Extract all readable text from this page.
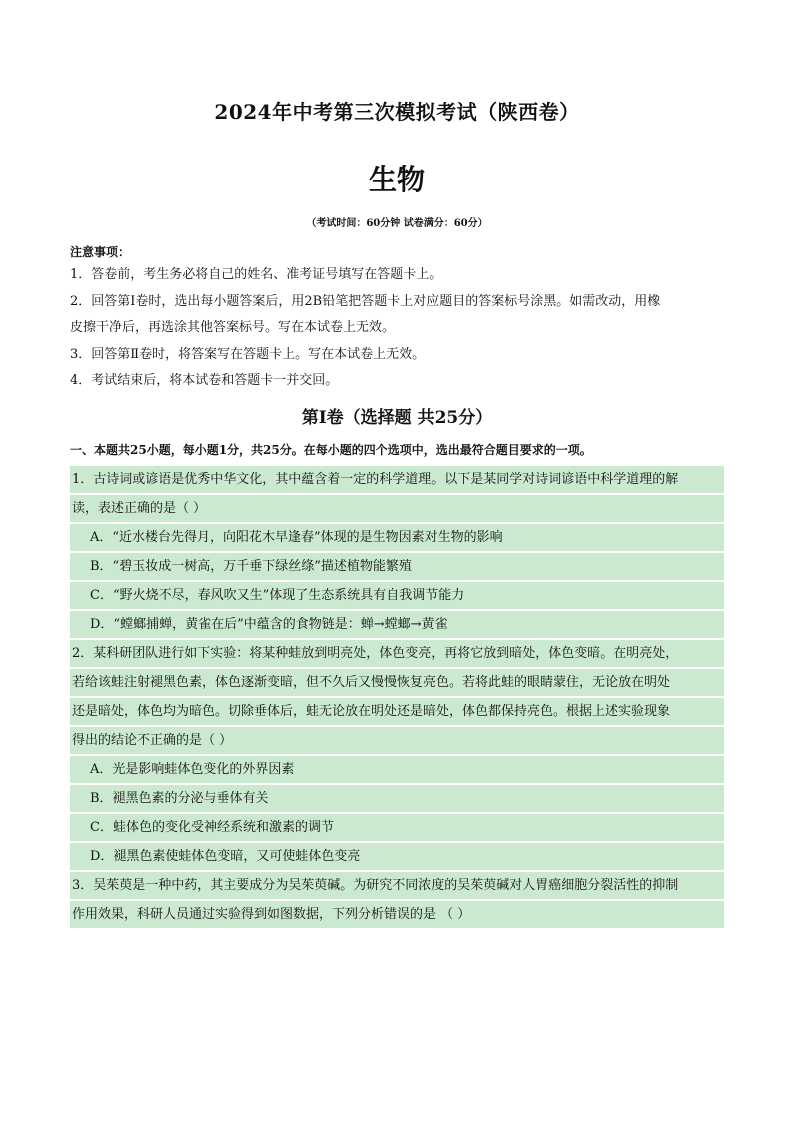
2024年中考第三次模拟考试（陕西卷）
生物
（考试时间：60分钟 试卷满分：60分）
注意事项：

1．答卷前，考生务必将自己的姓名、准考证号填写在答题卡上。

2．回答第Ⅰ卷时，选出每小题答案后，用2B铅笔把答题卡上对应题目的答案标号涂黑。如需改动，用橡

皮擦干净后，再选涂其他答案标号。写在本试卷上无效。

3．回答第Ⅱ卷时，将答案写在答题卡上。写在本试卷上无效。

4．考试结束后，将本试卷和答题卡一并交回。

第Ⅰ卷（选择题 共25分）
一、本题共25小题，每小题1分，共25分。在每小题的四个选项中，选出最符合题目要求的一项。

1．古诗词或谚语是优秀中华文化，其中蕴含着一定的科学道理。以下是某同学对诗词谚语中科学道理的解

读，表述正确的是（ ）

A．“近水楼台先得月，向阳花木早逢春”体现的是生物因素对生物的影响

B．“碧玉妆成一树高，万千垂下绿丝绦”描述植物能繁殖

C．“野火烧不尽，春风吹又生”体现了生态系统具有自我调节能力

D．“螳螂捕蝉，黄雀在后”中蕴含的食物链是：蝉→螳螂→黄雀

2．某科研团队进行如下实验：将某种蛙放到明亮处，体色变亮，再将它放到暗处，体色变暗。在明亮处，

若给该蛙注射褪黑色素，体色逐渐变暗，但不久后又慢慢恢复亮色。若将此蛙的眼睛蒙住，无论放在明处

还是暗处，体色均为暗色。切除垂体后，蛙无论放在明处还是暗处，体色都保持亮色。根据上述实验现象

得出的结论不正确的是（ ）

A．光是影响蛙体色变化的外界因素

B．褪黑色素的分泌与垂体有关

C．蛙体色的变化受神经系统和激素的调节

D．褪黑色素使蛙体色变暗，又可使蛙体色变亮

3．吴茱萸是一种中药，其主要成分为吴茱萸碱。为研究不同浓度的吴茱萸碱对人胃癌细胞分裂活性的抑制

作用效果，科研人员通过实验得到如图数据，下列分析错误的是 （ ）
